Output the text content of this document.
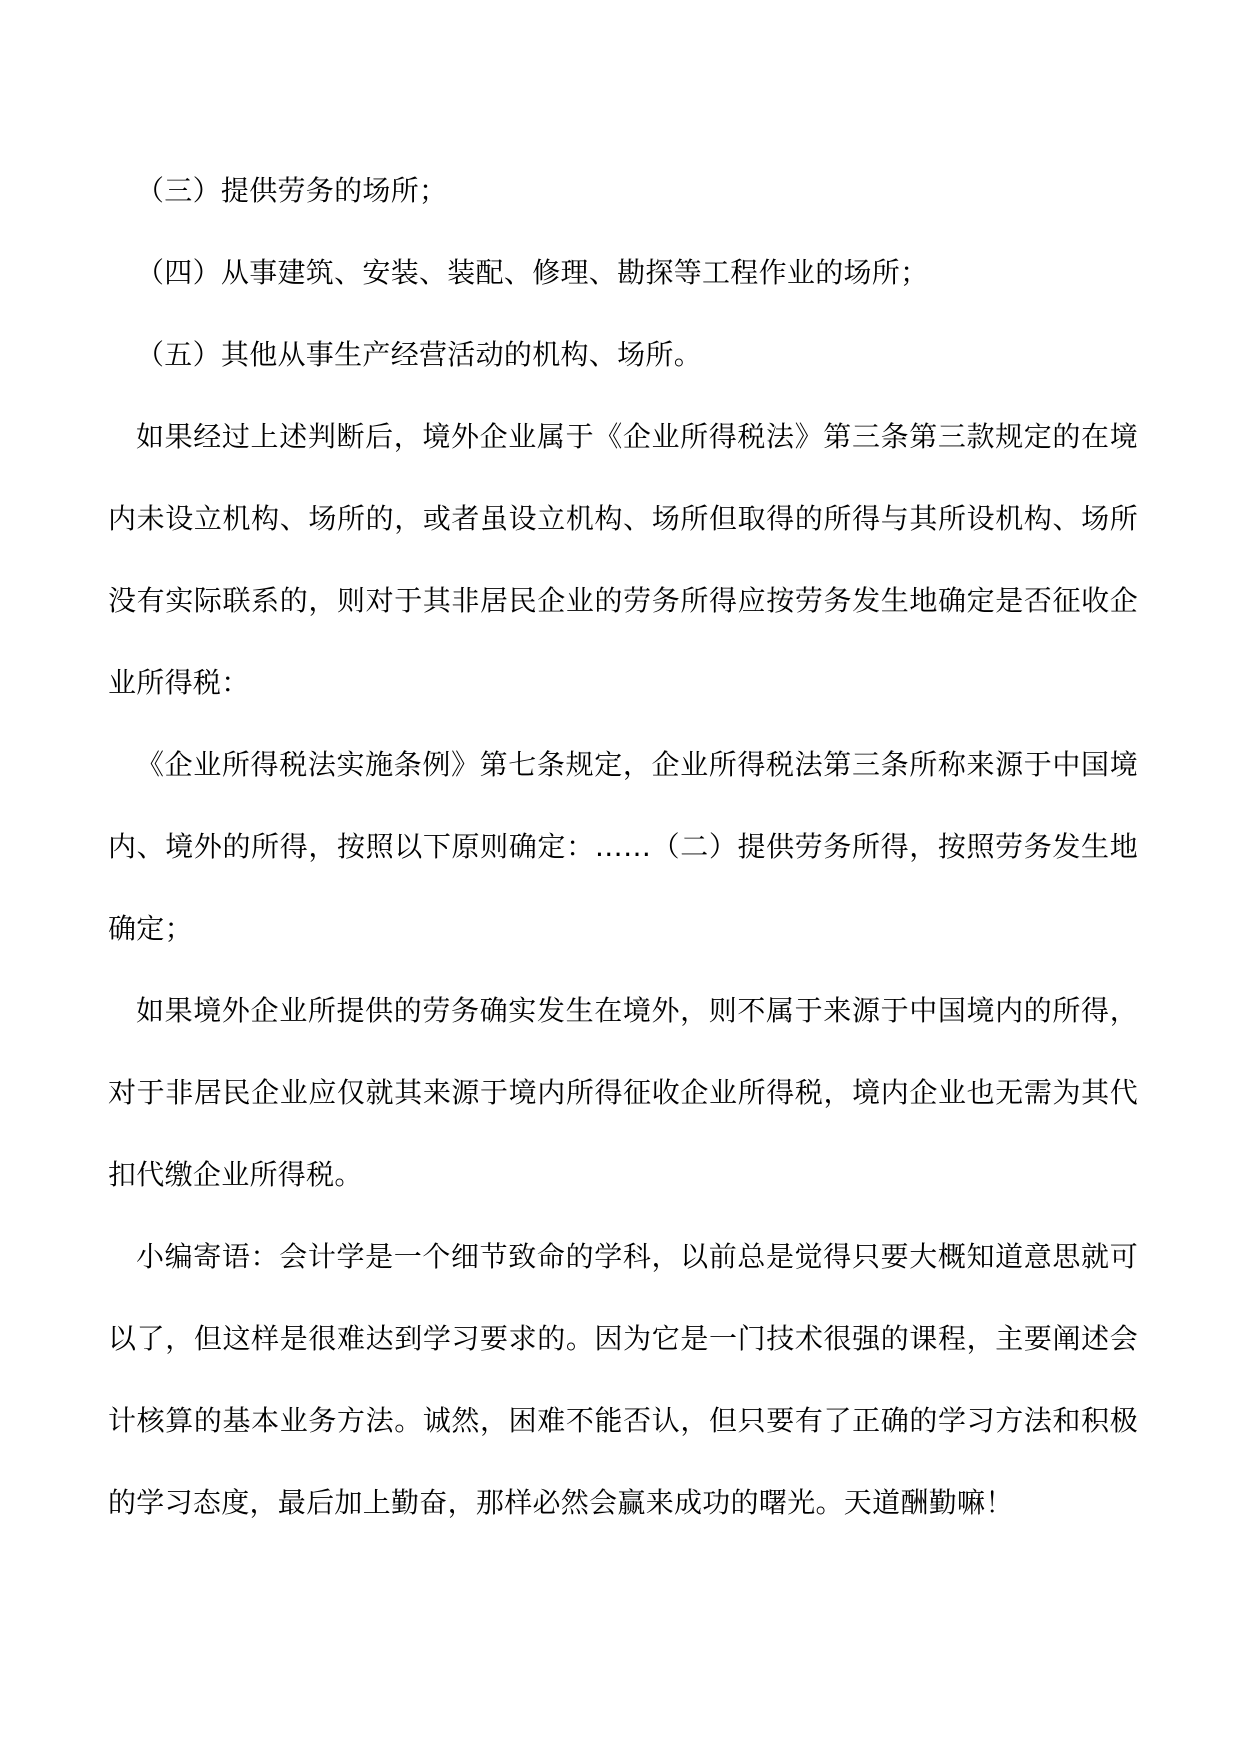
（三）提供劳务的场所；

（四）从事建筑、安装、装配、修理、勘探等工程作业的场所；

（五）其他从事生产经营活动的机构、场所。

如果经过上述判断后，境外企业属于《企业所得税法》第三条第三款规定的在境内未设立机构、场所的，或者虽设立机构、场所但取得的所得与其所设机构、场所没有实际联系的，则对于其非居民企业的劳务所得应按劳务发生地确定是否征收企业所得税：

《企业所得税法实施条例》第七条规定，企业所得税法第三条所称来源于中国境内、境外的所得，按照以下原则确定：……（二）提供劳务所得，按照劳务发生地确定；

如果境外企业所提供的劳务确实发生在境外，则不属于来源于中国境内的所得，对于非居民企业应仅就其来源于境内所得征收企业所得税，境内企业也无需为其代扣代缴企业所得税。

小编寄语：会计学是一个细节致命的学科，以前总是觉得只要大概知道意思就可以了，但这样是很难达到学习要求的。因为它是一门技术很强的课程，主要阐述会计核算的基本业务方法。诚然，困难不能否认，但只要有了正确的学习方法和积极的学习态度，最后加上勤奋，那样必然会赢来成功的曙光。天道酬勤嘛！
